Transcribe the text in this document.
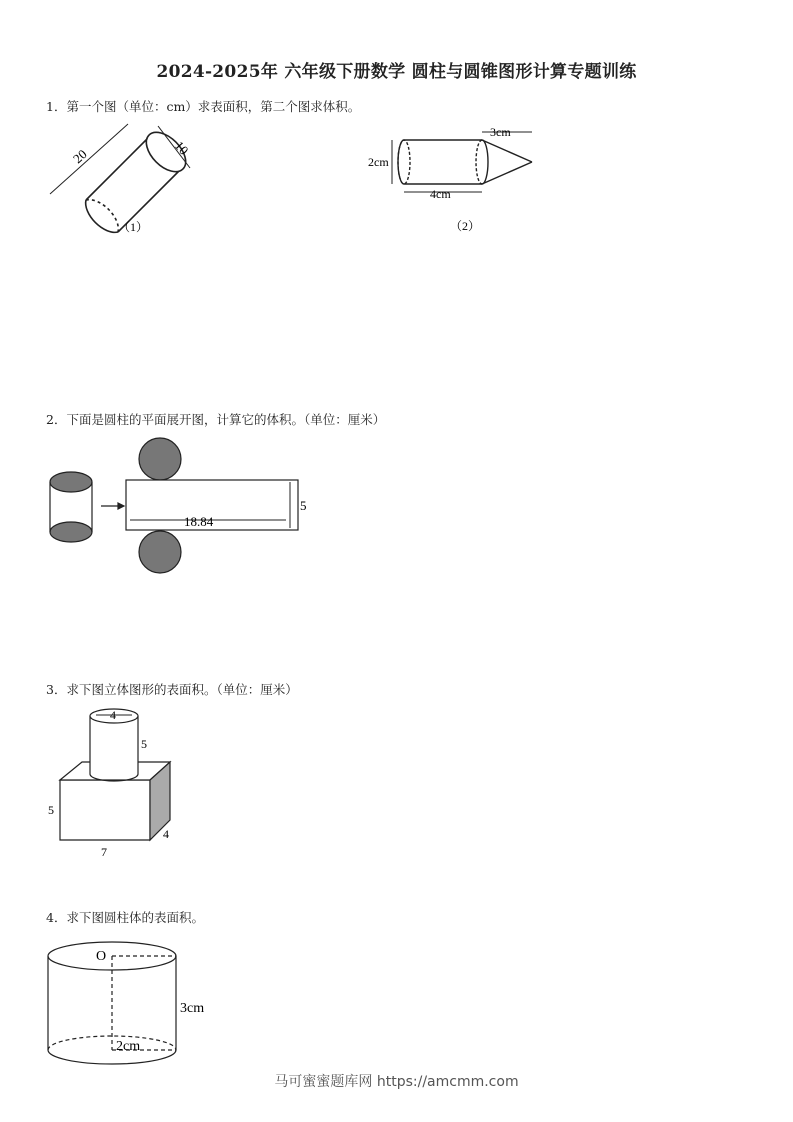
2024-2025年 六年级下册数学 圆柱与圆锥图形计算专题训练
1．第一个图（单位：cm）求表面积，第二个图求体积。
20	10
（1）
3cm
2cm
4cm
（2）
2．下面是圆柱的平面展开图，计算它的体积。（单位：厘米）
18.84
5
3．求下图立体图形的表面积。（单位：厘米）
4
5
5
4
7
4．求下图圆柱体的表面积。
O
3cm
2cm
马可蜜蜜题库网 https://amcmm.com
